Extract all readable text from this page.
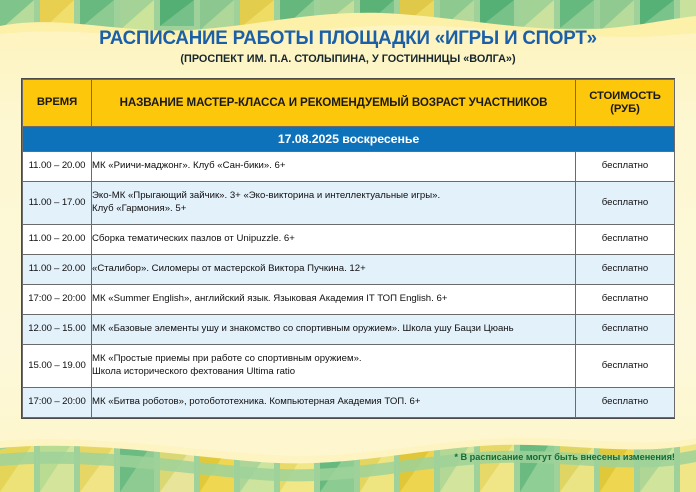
РАСПИСАНИЕ РАБОТЫ ПЛОЩАДКИ «ИГРЫ И СПОРТ»
(ПРОСПЕКТ ИМ. П.А. СТОЛЫПИНА, У ГОСТИННИЦЫ «ВОЛГА»)
ВРЕМЯ	НАЗВАНИЕ МАСТЕР-КЛАССА И РЕКОМЕНДУЕМЫЙ ВОЗРАСТ УЧАСТНИКОВ	СТОИМОСТЬ (РУБ)
17.08.2025 воскресенье		
11.00 – 20.00	МК «Риичи-маджонг». Клуб «Сан-бики». 6+	бесплатно
11.00 – 17.00	Эко-МК «Прыгающий зайчик». 3+ «Эко-викторина и интеллектуальные игры».
Клуб «Гармония». 5+	бесплатно
11.00 – 20.00	Сборка тематических пазлов от Unipuzzle. 6+	бесплатно
11.00 – 20.00	«Сталибор». Силомеры от мастерской Виктора Пучкина. 12+	бесплатно
17:00 – 20:00	МК «Summer English», английский язык. Языковая Академия IT ТОП English. 6+	бесплатно
12.00 – 15.00	МК «Базовые элементы ушу и знакомство со спортивным оружием». Школа ушу Бацзи Цюань	бесплатно
15.00 – 19.00	МК «Простые приемы при работе со спортивным оружием».
Школа исторического фехтования Ultima ratio	бесплатно
17:00 – 20:00	МК «Битва роботов», ротобототехника. Компьютерная Академия ТОП. 6+	бесплатно
* В расписание могут быть внесены изменения!
